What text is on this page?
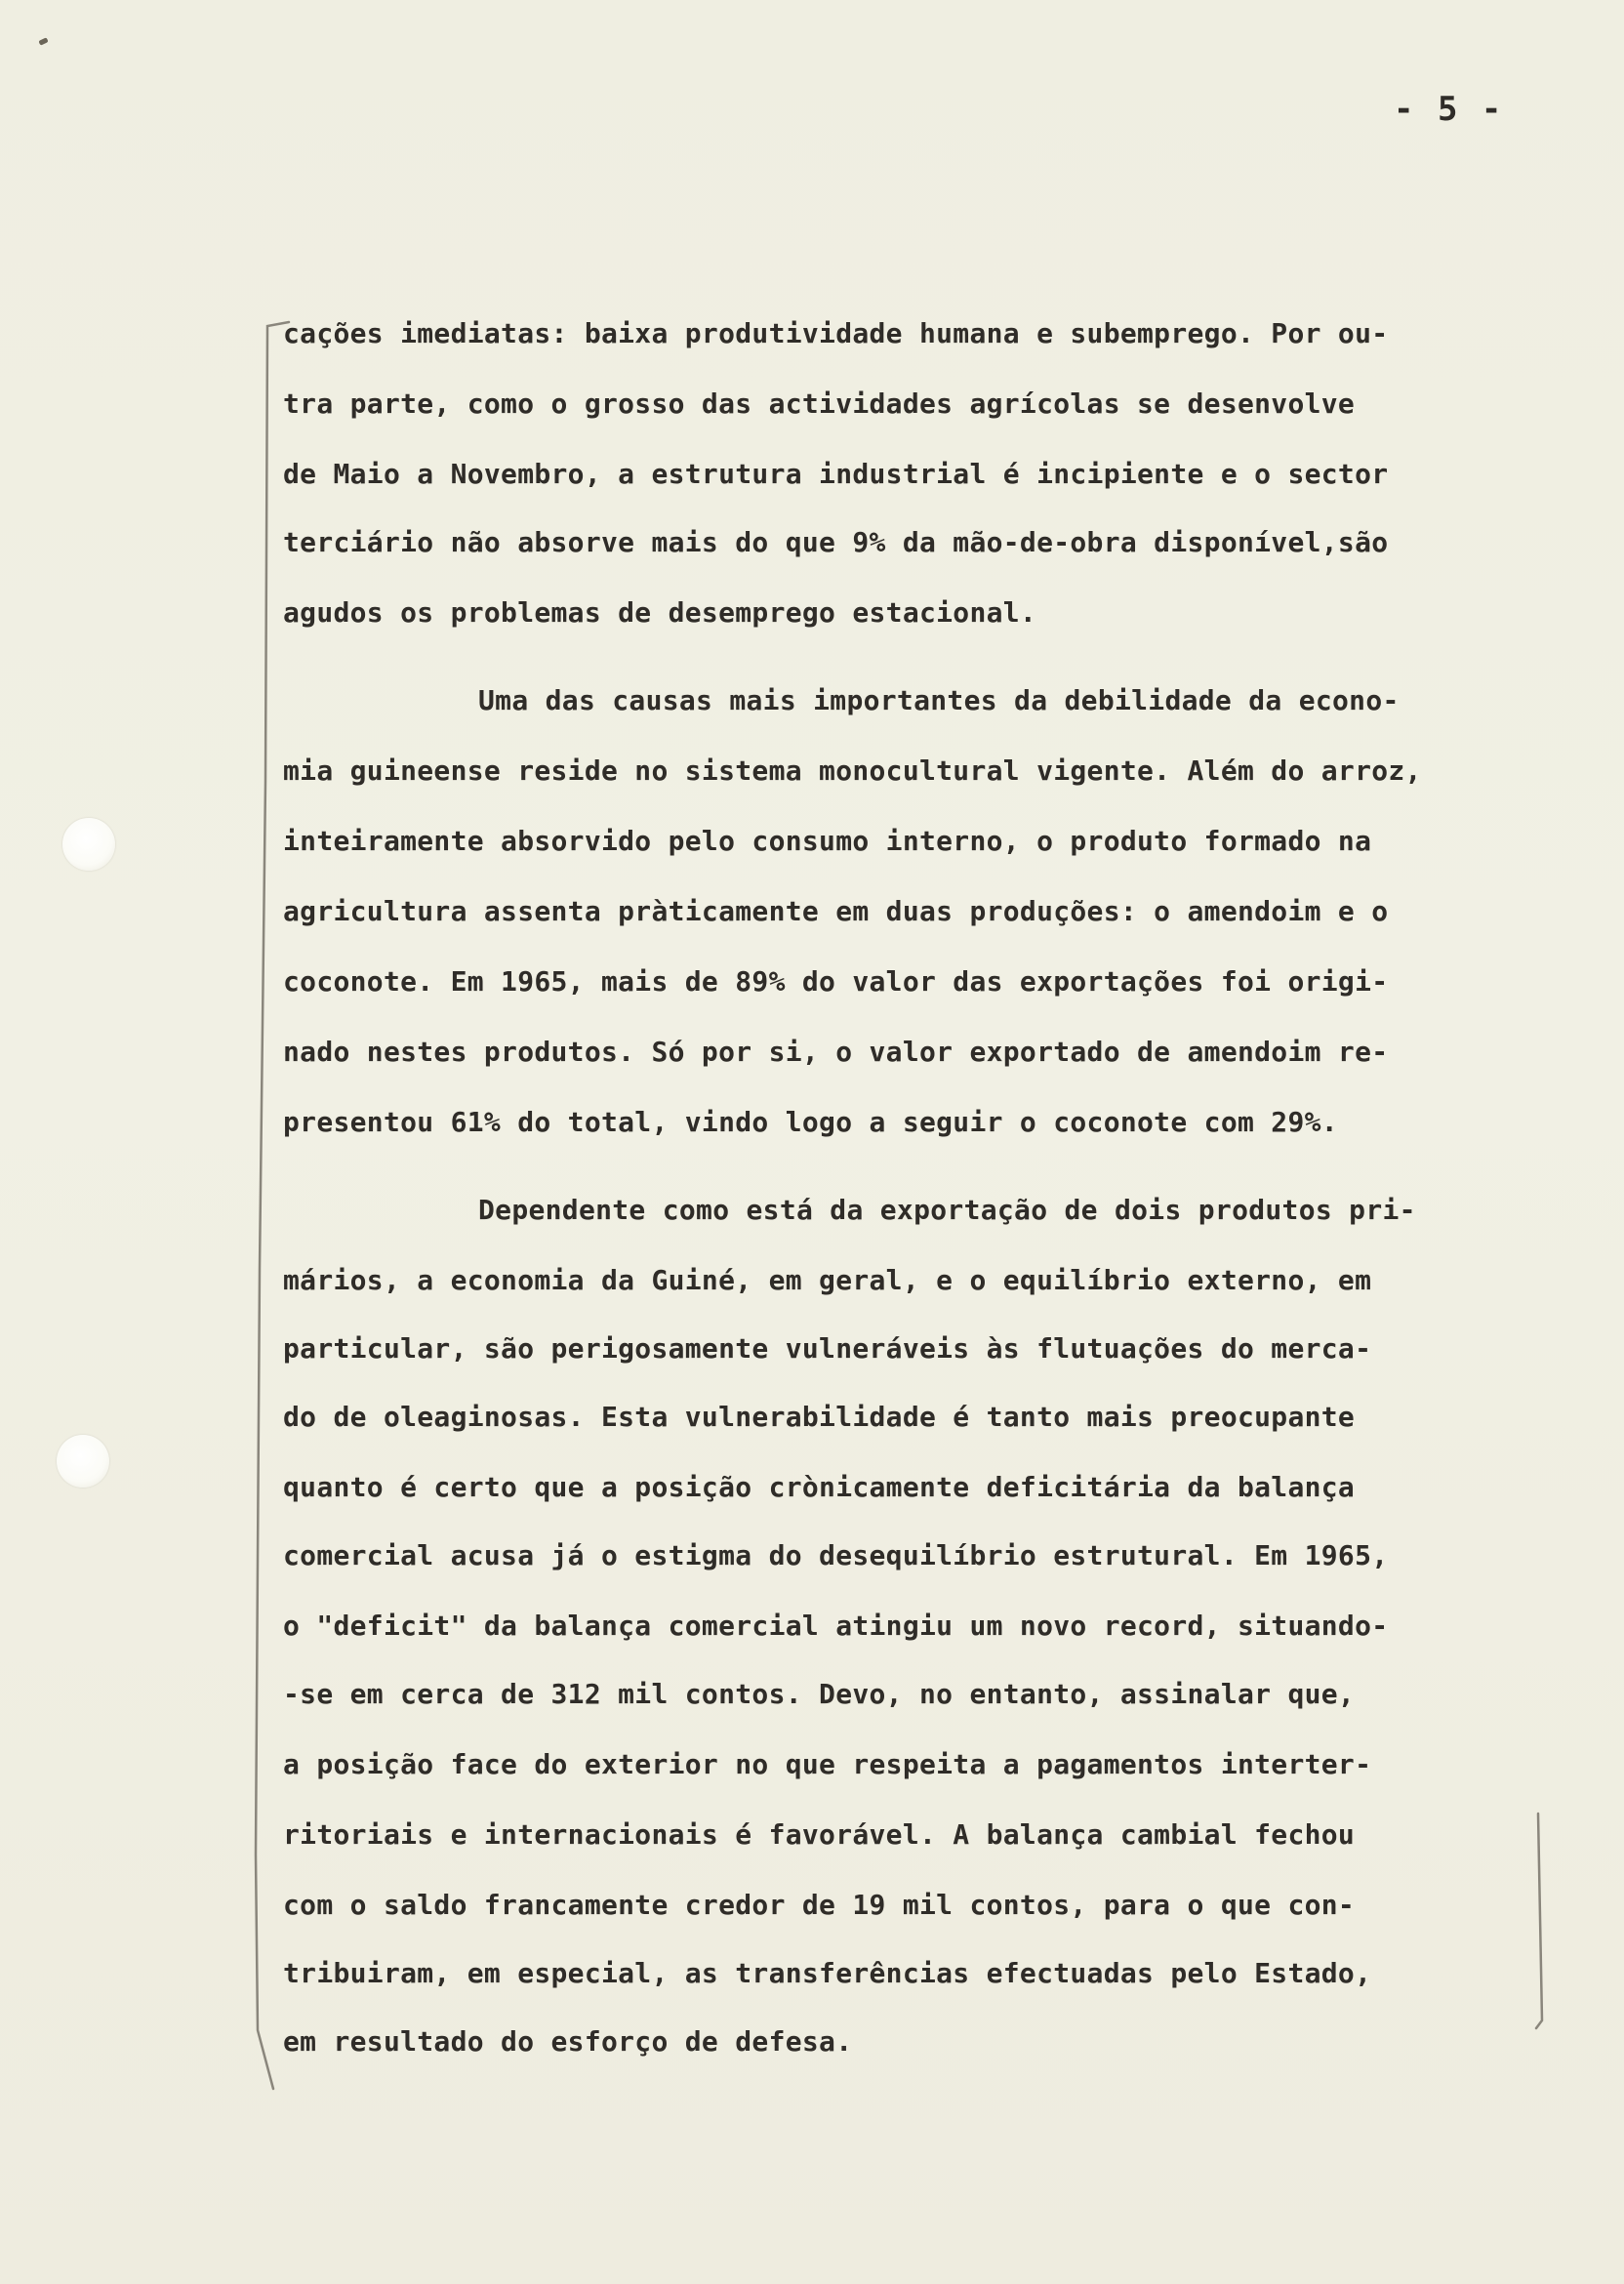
- 5 -
cações imediatas: baixa produtividade humana e subemprego. Por ou-
tra parte, como o grosso das actividades agrícolas se desenvolve
de Maio a Novembro, a estrutura industrial é incipiente e o sector
terciário não absorve mais do que 9% da mão-de-obra disponível,são
agudos os problemas de desemprego estacional.
Uma das causas mais importantes da debilidade da econo-
mia guineense reside no sistema monocultural vigente. Além do arroz,
inteiramente absorvido pelo consumo interno, o produto formado na
agricultura assenta pràticamente em duas produções: o amendoim e o
coconote. Em 1965, mais de 89% do valor das exportações foi origi-
nado nestes produtos. Só por si, o valor exportado de amendoim re-
presentou 61% do total, vindo logo a seguir o coconote com 29%.
Dependente como está da exportação de dois produtos pri-
mários, a economia da Guiné, em geral, e o equilíbrio externo, em
particular, são perigosamente vulneráveis às flutuações do merca-
do de oleaginosas. Esta vulnerabilidade é tanto mais preocupante
quanto é certo que a posição crònicamente deficitária da balança
comercial acusa já o estigma do desequilíbrio estrutural. Em 1965,
o "deficit" da balança comercial atingiu um novo record, situando-
-se em cerca de 312 mil contos. Devo, no entanto, assinalar que,
a posição face do exterior no que respeita a pagamentos interter-
ritoriais e internacionais é favorável. A balança cambial fechou
com o saldo francamente credor de 19 mil contos, para o que con-
tribuiram, em especial, as transferências efectuadas pelo Estado,
em resultado do esforço de defesa.
